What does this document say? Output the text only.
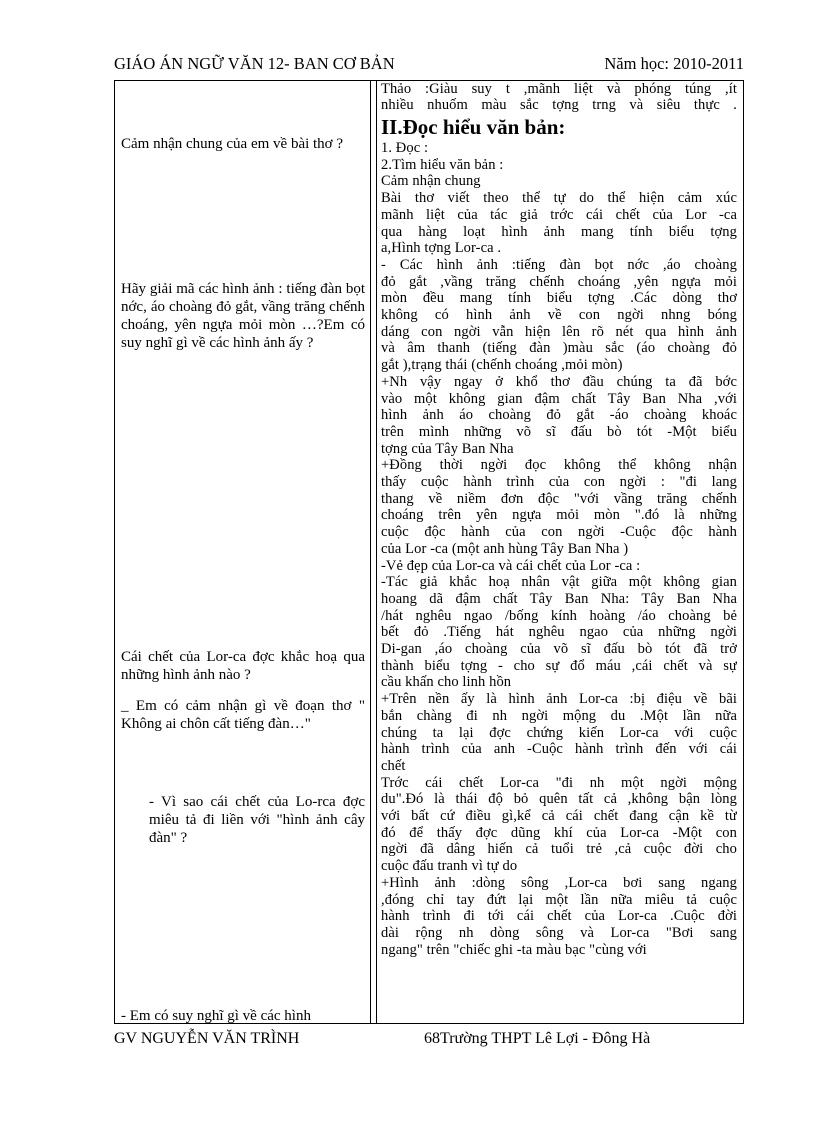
GIÁO ÁN NGỮ VĂN 12- BAN CƠ BẢN	Năm học: 2010-2011
Cảm nhận chung của em về bài thơ ?
Hãy giải mã các hình ảnh : tiếng đàn bọt nớc, áo choàng đỏ gắt, vầng trăng chếnh choáng, yên ngựa mỏi mòn …?Em có suy nghĩ gì về các hình ảnh ấy ?
Cái chết của Lor-ca đợc khắc hoạ qua những hình ảnh nào ?
_ Em có cảm nhận gì về đoạn thơ " Không ai chôn cất tiếng đàn…"
- Vì sao cái chết của Lo-rca đợc miêu tả đi liền với "hình ảnh cây đàn" ?
- Em có suy nghĩ gì về các hình
Thảo :Giàu suy t ,mãnh liệt và phóng túng ,ít
nhiều nhuốm màu sắc tợng trng và siêu thực .
II.Đọc hiểu văn bản:
1. Đọc :
2.Tìm hiểu văn bản :
Cảm nhận chung
Bài thơ viết theo thể tự do thể hiện cảm xúc
mãnh liệt của tác giả trớc cái chết của Lor -ca
qua hàng loạt hình ảnh mang tính biểu tợng
a,Hình tợng Lor-ca .
- Các hình ảnh :tiếng đàn bọt nớc ,áo choàng
đỏ gắt ,vầng trăng chếnh choáng ,yên ngựa mỏi
mòn đều mang tính biểu tợng .Các dòng thơ
không có hình ảnh về con ngời nhng bóng
dáng con ngời vẫn hiện lên rõ nét qua hình ảnh
và âm thanh (tiếng đàn )màu sắc (áo choàng đỏ
gắt ),trạng thái (chếnh choáng ,mỏi mòn)
+Nh vậy ngay ở khổ thơ đầu chúng ta đã bớc
vào một không gian đậm chất Tây Ban Nha ,với
hình ảnh áo choàng đỏ gắt -áo choàng khoác
trên mình những võ sĩ đấu bò tót -Một biểu
tợng của Tây Ban Nha
+Đồng thời ngời đọc không thể không nhận
thấy cuộc hành trình của con ngời : "đi lang
thang về niềm đơn độc "với vầng trăng chếnh
choáng trên yên ngựa mỏi mòn ".đó là những
cuộc độc hành của con ngời -Cuộc độc hành
của Lor -ca (một anh hùng Tây Ban Nha )
-Vẻ đẹp của Lor-ca và cái chết của Lor -ca :
-Tác giả khắc hoạ nhân vật giữa một không gian
hoang dã đậm chất Tây Ban Nha: Tây Ban Nha
/hát nghêu ngao /bống kính hoàng /áo choàng bẻ
bết đỏ .Tiếng hát nghêu ngao của những ngời
Di-gan ,áo choàng của võ sĩ đấu bò tót đã trở
thành biểu tợng - cho sự đổ máu ,cái chết và sự
cầu khấn cho linh hồn
+Trên nền ấy là hình ảnh Lor-ca :bị điệu về bãi
bắn chàng đi nh ngời mộng du .Một lần nữa
chúng ta lại đợc chứng kiến Lor-ca với cuộc
hành trình của anh -Cuộc hành trình đến với cái
chết
Trớc cái chết Lor-ca "đi nh một ngời mộng
du".Đó là thái độ bỏ quên tất cả ,không bận lòng
với bất cứ điều gì,kể cả cái chết đang cận kề từ
đó để thấy đợc dũng khí của Lor-ca -Một con
ngời đã dâng hiến cả tuổi trẻ ,cả cuộc đời cho
cuộc đấu tranh vì tự do
+Hình ảnh :dòng sông ,Lor-ca bơi sang ngang
,đóng chỉ tay đứt lại một lần nữa miêu tả cuộc
hành trình đi tới cái chết của Lor-ca .Cuộc đời
dài rộng nh dòng sông và Lor-ca "Bơi sang
ngang" trên "chiếc ghi -ta màu bạc "cùng với
GV NGUYỄN VĂN TRÌNH	68Trường THPT Lê Lợi - Đông Hà
